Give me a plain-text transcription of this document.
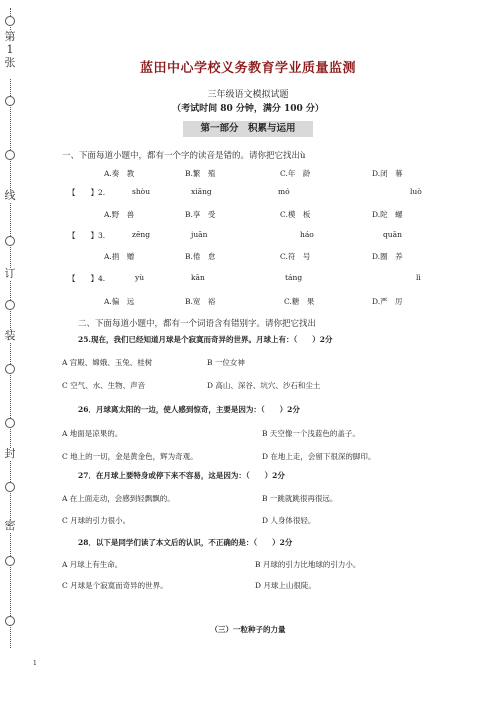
第1张
线
订
装
封
密
蓝田中心学校义务教育学业质量监测
三年级语文模拟试题
（考试时间 80 分钟，满分 100 分）
第一部分　积累与运用
一、下面每道小题中，都有一个字的读音是错的。请你把它找出ù
A.奏　教	B.繁　殖	C.年　龄	D.闭　幕
【　　】2.	shòu	xiāng	mó	luò
A.野　兽	B.享　受	C.模　板	D.陀　螺
【　　】3.	zēng	juān	háo	quān
A.捐　赠	B.倦　怠	C.符　号	D.圈　养
【　　】4.	yù	kān	táng	lì
A.偏　远	B.宽　裕	C.糖　果	D.严　厉
二、下面每道小题中，都有一个词语含有错别字。请你把它找出
25.现在，我们已经知道月球是个寂寞而奇异的世界。月球上有：（　　）2分
A 宫殿、嫦娥、玉兔、桂树	B 一位女神
C 空气、水、生物、声音	D 高山、深谷、坑穴、沙石和尘土
26．月球离太阳的一边，使人感到惊奇，主要是因为：（　　）2分
A 地面是凉果的。	B 天空像一个浅蓝色的盖子。
C 地上的一切，金是黄金色，辉为奇观。	D 在地上走，会留下很深的脚印。
27．在月球上要特身或停下来不容易，这是因为：（　　）2分
A 在上面走动，会感到轻飘飘的。	B 一跳就跳很再很远。
C 月球的引力很小。	D 人身体很轻。
28．以下是同学们读了本文后的认识，不正确的是：（　　）2分
A 月球上有生命。	B 月球的引力比地球的引力小。
C 月球是个寂寞而奇异的世界。	D 月球上山很陡。
（三）一粒种子的力量
1
